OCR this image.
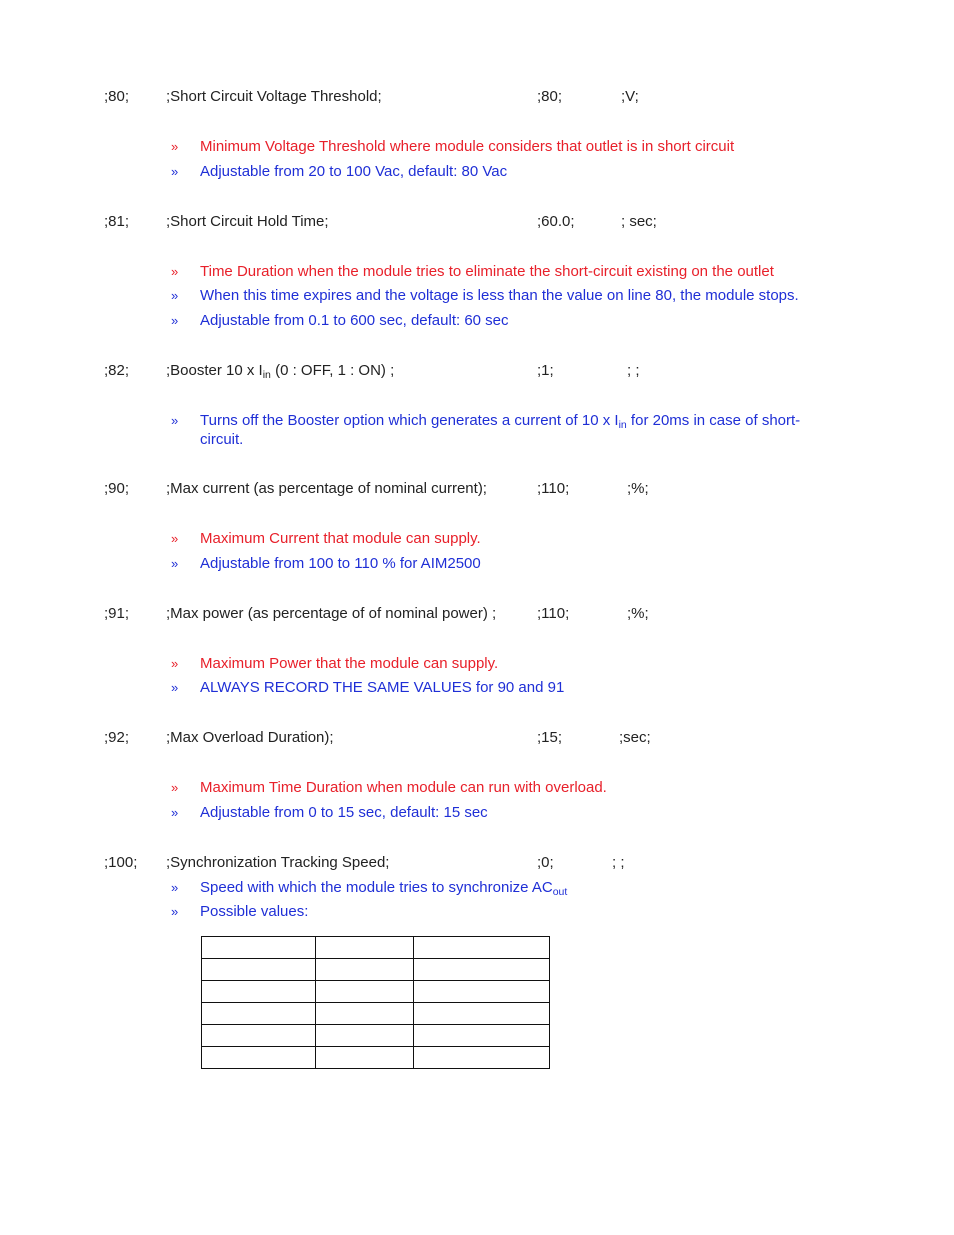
;80; ;Short Circuit Voltage Threshold;	;80;	;V;
» Minimum Voltage Threshold where module considers that outlet is in short circuit
» Adjustable from 20 to 100 Vac, default: 80 Vac
;81; ;Short Circuit Hold Time;	;60.0;	; sec;
» Time Duration when the module tries to eliminate the short-circuit existing on the outlet
» When this time expires and the voltage is less than the value on line 80, the module stops.
» Adjustable from 0.1 to 600 sec, default: 60 sec
;82; ;Booster 10 x $I_{in}$ (0 : OFF, 1 : ON) ;	;1;	; ;
» Turns off the Booster option which generates a current of 10 x $I_{in}$ for 20ms in case of short-circuit.
;90; ;Max current (as percentage of nominal current);	;110;	;%;
» Maximum Current that module can supply.
» Adjustable from 100 to 110 % for AIM2500
;91; ;Max power (as percentage of of nominal power) ;	;110;	;%;
» Maximum Power that the module can supply.
» ALWAYS RECORD THE SAME VALUES for 90 and 91
;92; ;Max Overload Duration);	;15;	;sec;
» Maximum Time Duration when module can run with overload.
» Adjustable from 0 to 15 sec, default: 15 sec
;100; ;Synchronization Tracking Speed;	;0;	; ;
» Speed with which the module tries to synchronize $AC_{out}$
» Possible values:
